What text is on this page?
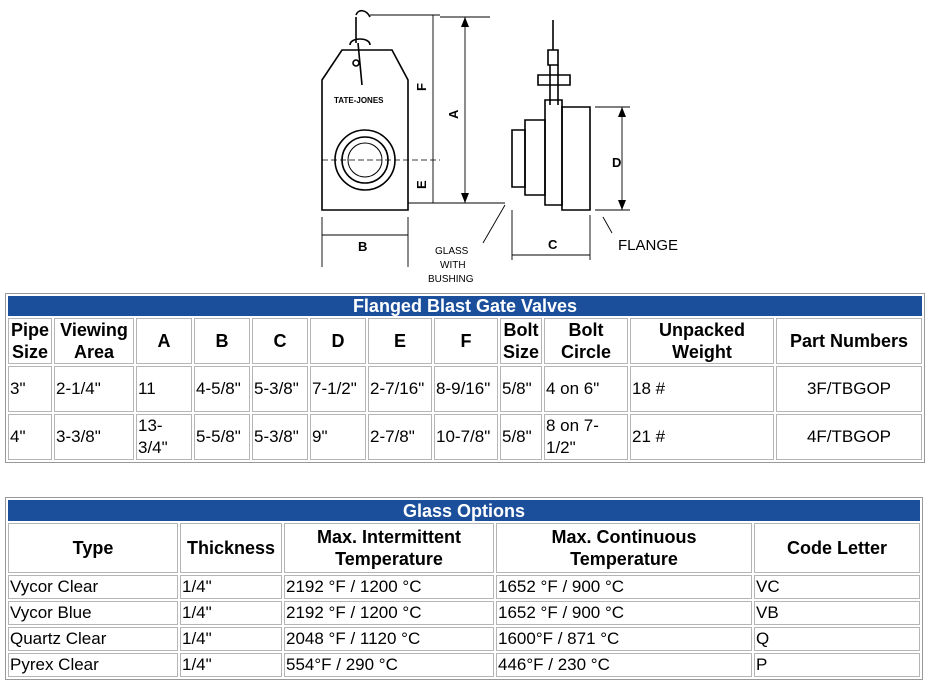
TATE-JONES
B	C
D
A
F
E
GLASS
WITH
BUSHING
FLANGE
Flanged Blast Gate Valves											
Pipe
Size	Viewing
Area	A	B	C	D	E	F	Bolt
Size	Bolt
Circle	Unpacked
Weight	Part Numbers
3"	2-1/4"	11	4-5/8"	5-3/8"	7-1/2"	2-7/16"	8-9/16"	5/8"	4 on 6"	18 #	3F/TBGOP
4"	3-3/8"	13-3/4"	5-5/8"	5-3/8"	9"	2-7/8"	10-7/8"	5/8"	8 on 7-1/2"	21 #	4F/TBGOP
Glass Options				
Type	Thickness	Max. Intermittent Temperature	Max. Continuous Temperature	Code Letter
Vycor Clear	1/4"	2192 °F / 1200 °C	1652 °F / 900 °C	VC
Vycor Blue	1/4"	2192 °F / 1200 °C	1652 °F / 900 °C	VB
Quartz Clear	1/4"	2048 °F / 1120 °C	1600°F / 871 °C	Q
Pyrex Clear	1/4"	554°F / 290 °C	446°F / 230 °C	P
